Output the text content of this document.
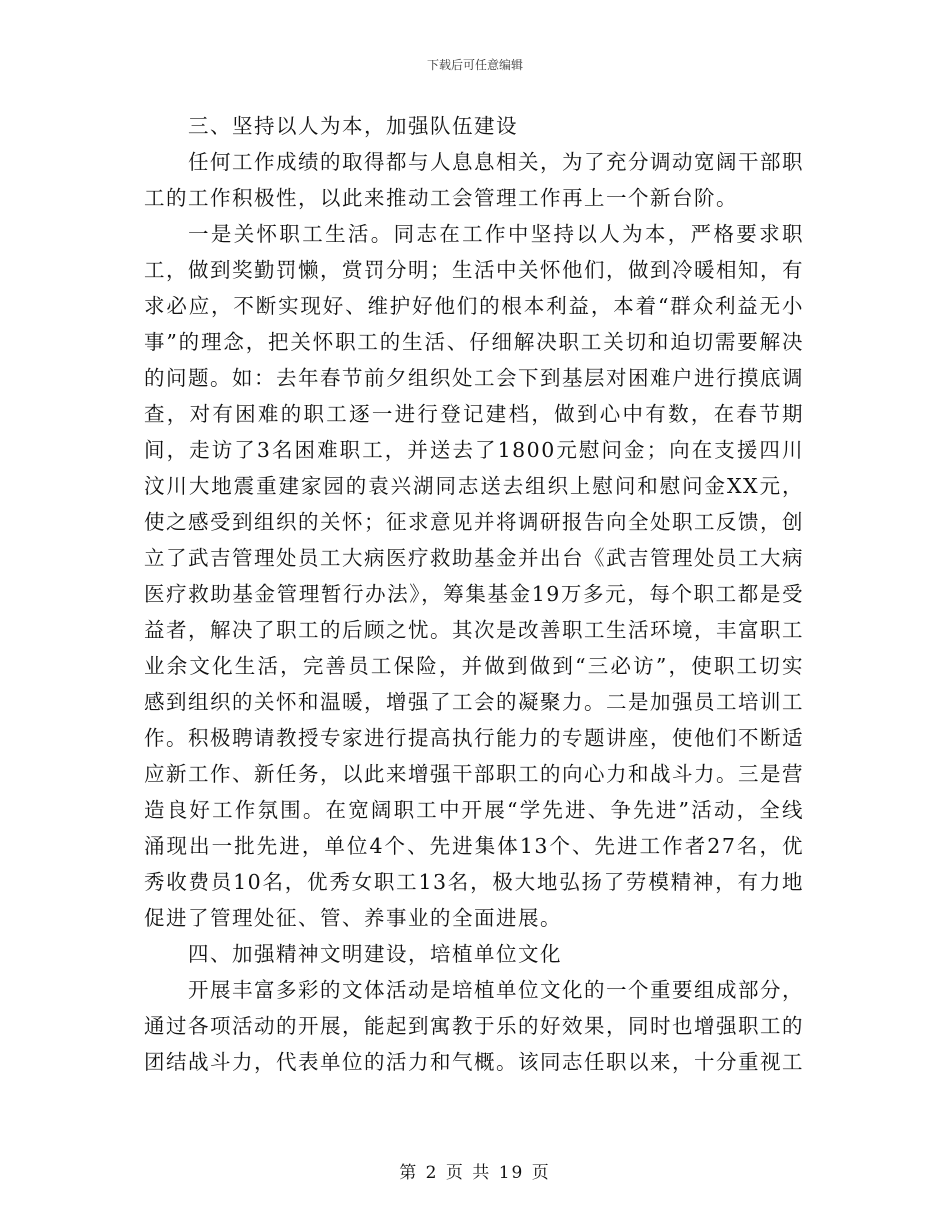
下载后可任意编辑

三、坚持以人为本，加强队伍建设

任何工作成绩的取得都与人息息相关，为了充分调动宽阔干部职工的工作积极性，以此来推动工会管理工作再上一个新台阶。

一是关怀职工生活。同志在工作中坚持以人为本，严格要求职工，做到奖勤罚懒，赏罚分明；生活中关怀他们，做到冷暖相知，有求必应，不断实现好、维护好他们的根本利益，本着“群众利益无小事”的理念，把关怀职工的生活、仔细解决职工关切和迫切需要解决的问题。如：去年春节前夕组织处工会下到基层对困难户进行摸底调查，对有困难的职工逐一进行登记建档，做到心中有数，在春节期间，走访了3名困难职工，并送去了1800元慰问金；向在支援四川汶川大地震重建家园的袁兴湖同志送去组织上慰问和慰问金XX元，使之感受到组织的关怀；征求意见并将调研报告向全处职工反馈，创立了武吉管理处员工大病医疗救助基金并出台《武吉管理处员工大病医疗救助基金管理暂行办法》，筹集基金19万多元，每个职工都是受益者，解决了职工的后顾之忧。其次是改善职工生活环境，丰富职工业余文化生活，完善员工保险，并做到做到“三必访”，使职工切实感到组织的关怀和温暖，增强了工会的凝聚力。二是加强员工培训工作。积极聘请教授专家进行提高执行能力的专题讲座，使他们不断适应新工作、新任务，以此来增强干部职工的向心力和战斗力。三是营造良好工作氛围。在宽阔职工中开展“学先进、争先进”活动，全线涌现出一批先进，单位4个、先进集体13个、先进工作者27名，优秀收费员10名，优秀女职工13名，极大地弘扬了劳模精神，有力地促进了管理处征、管、养事业的全面进展。

四、加强精神文明建设，培植单位文化

开展丰富多彩的文体活动是培植单位文化的一个重要组成部分，通过各项活动的开展，能起到寓教于乐的好效果，同时也增强职工的团结战斗力，代表单位的活力和气概。该同志任职以来，十分重视工

第 2 页 共 19 页
